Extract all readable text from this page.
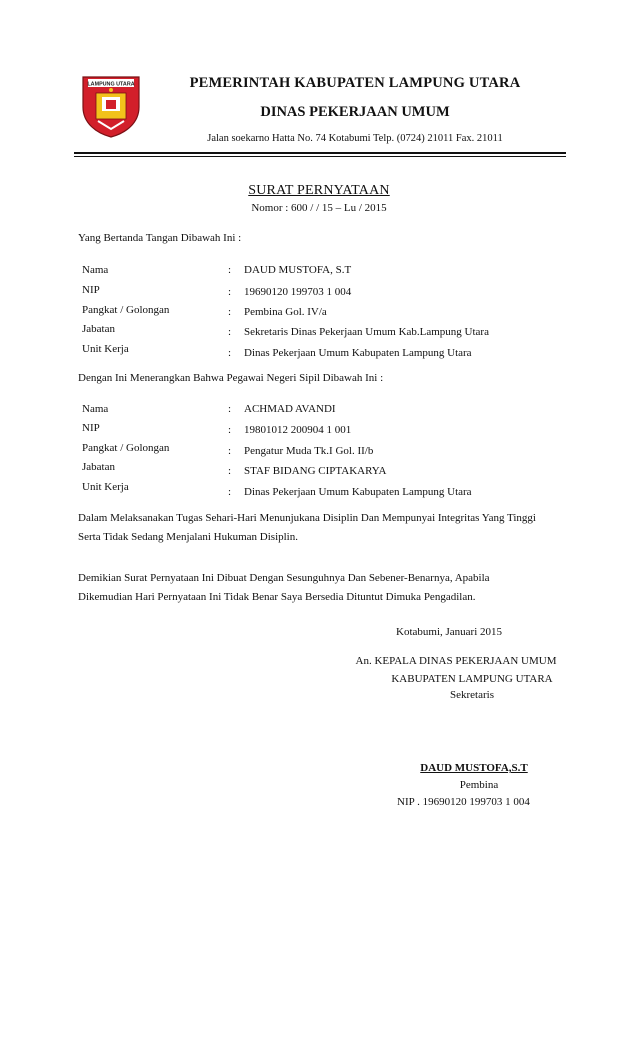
LAMPUNG UTARA	PEMERINTAH KABUPATEN LAMPUNG UTARA
DINAS PEKERJAAN UMUM
Jalan soekarno Hatta No. 74 Kotabumi Telp. (0724) 21011 Fax. 21011
SURAT PERNYATAAN
Nomor : 600 / / 15 – Lu / 2015
Yang Bertanda Tangan Dibawah Ini :
Nama	: DAUD MUSTOFA, S.T
NIP	: 19690120 199703 1 004
Pangkat / Golongan	: Pembina Gol. IV/a
Jabatan	: Sekretaris Dinas Pekerjaan Umum Kab.Lampung Utara
Unit Kerja	: Dinas Pekerjaan Umum Kabupaten Lampung Utara
Dengan Ini Menerangkan Bahwa Pegawai Negeri Sipil Dibawah Ini :
Nama	: ACHMAD AVANDI
NIP	: 19801012 200904 1 001
Pangkat / Golongan	: Pengatur Muda Tk.I Gol. II/b
Jabatan	: STAF BIDANG CIPTAKARYA
Unit Kerja	: Dinas Pekerjaan Umum Kabupaten Lampung Utara
Dalam Melaksanakan Tugas Sehari-Hari Menunjukana Disiplin Dan Mempunyai Integritas Yang Tinggi
Serta Tidak Sedang Menjalani Hukuman Disiplin.
Demikian Surat Pernyataan Ini Dibuat Dengan Sesunguhnya Dan Sebener-Benarnya, Apabila
Dikemudian Hari Pernyataan Ini Tidak Benar Saya Bersedia Dituntut Dimuka Pengadilan.
Kotabumi, Januari 2015
An. KEPALA DINAS PEKERJAAN UMUM
KABUPATEN LAMPUNG UTARA
Sekretaris
DAUD MUSTOFA,S.T
Pembina
NIP . 19690120 199703 1 004
